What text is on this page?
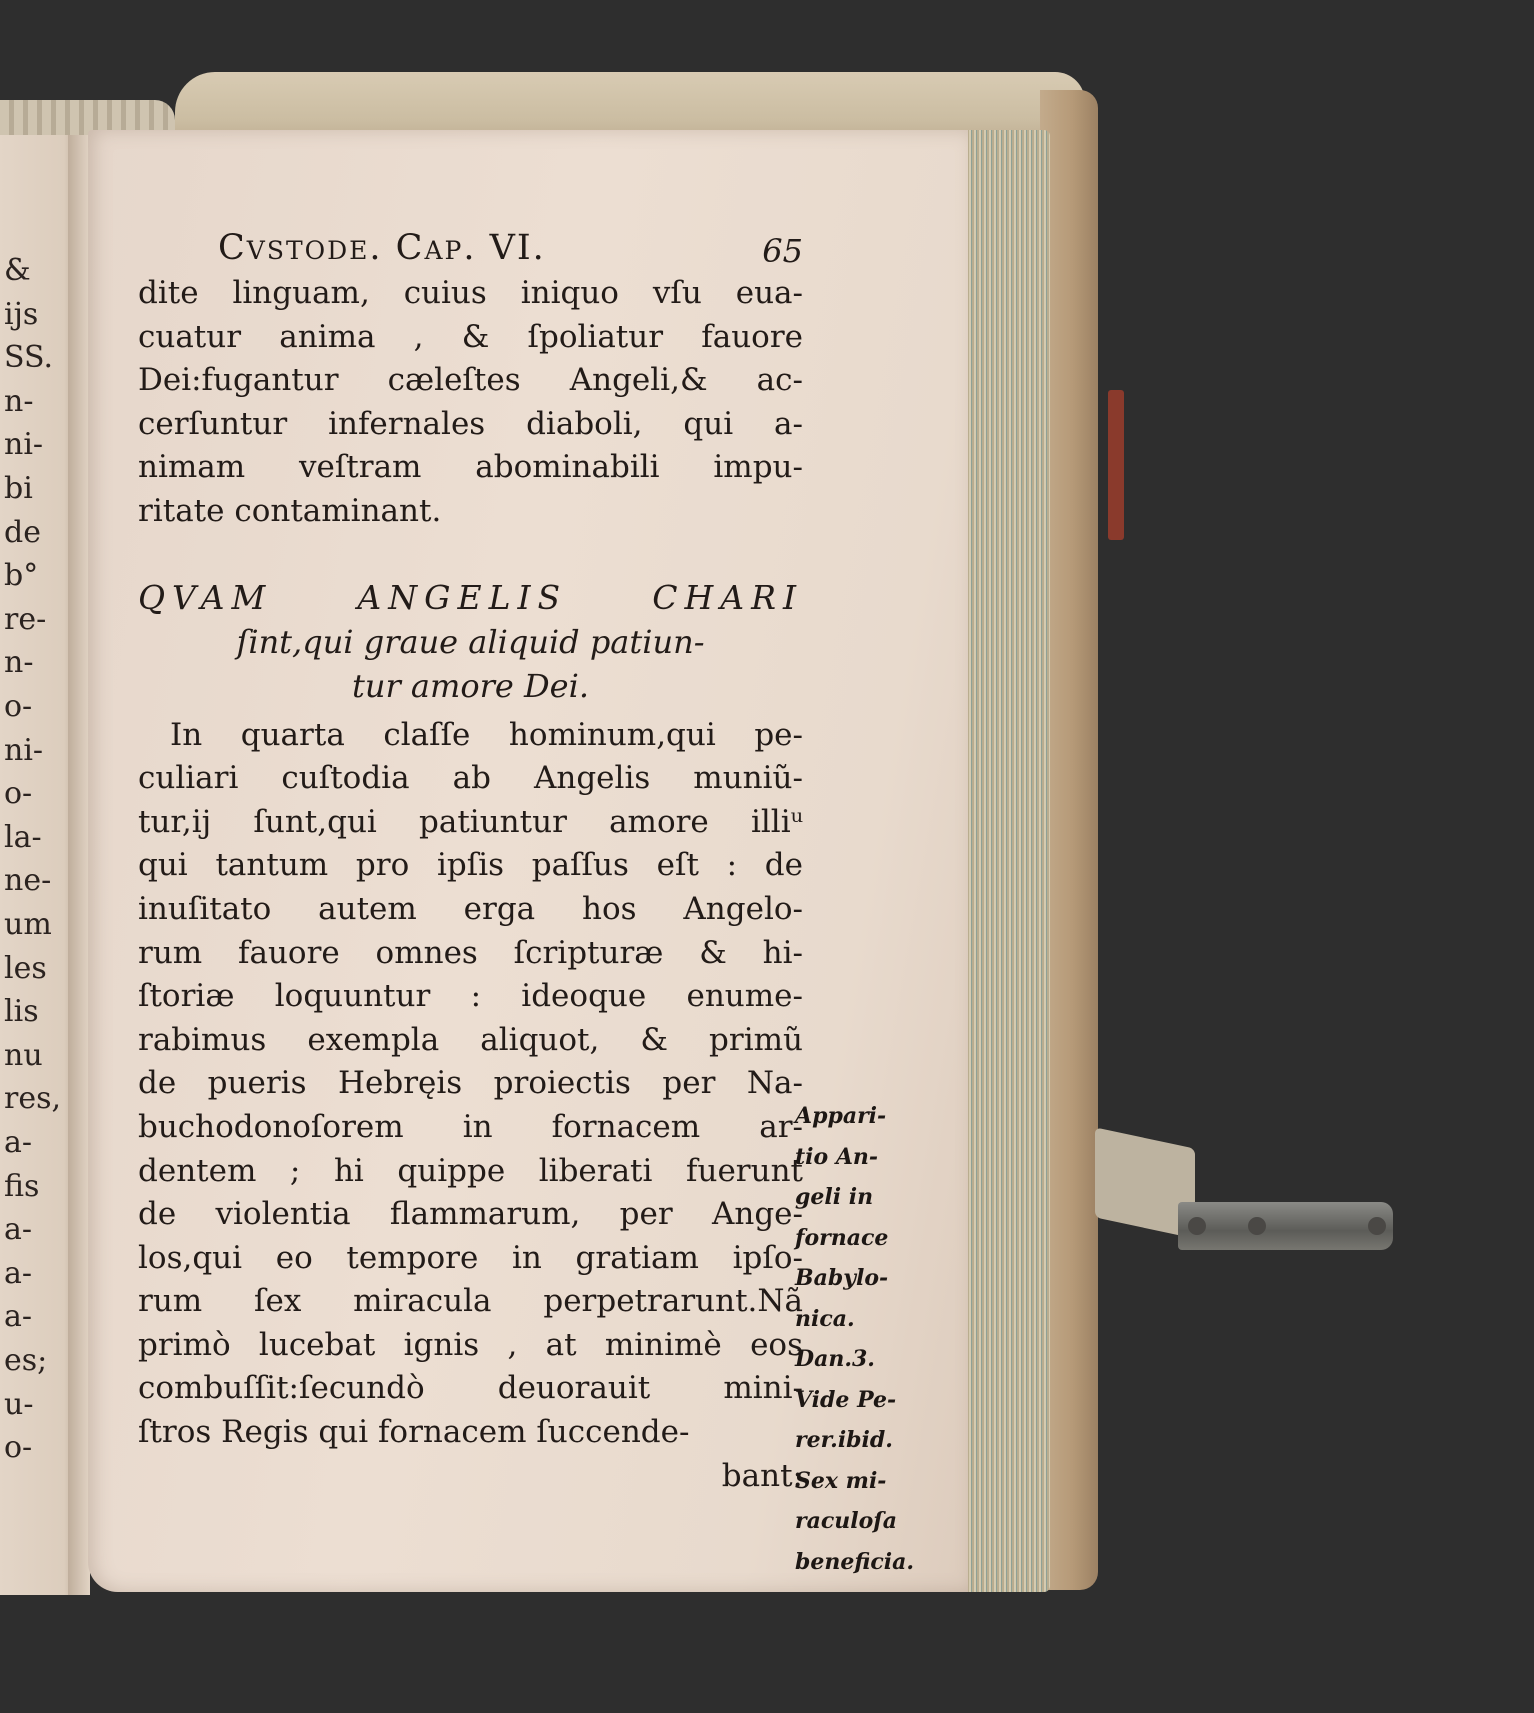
&
ijs
SS.
n-
ni-
bi
de
b°
re-
n-
o-
ni-
o-
la-
ne-
um
les
lis
nu
res,
a-
fis
a-
a-
a-
es;
u-
o-
Cvstode. Cap. VI.	65
dite linguam, cuius iniquo vſu eua-
cuatur anima , & ſpoliatur fauore
Dei:fugantur cæleſtes Angeli,& ac-
cerſuntur infernales diaboli, qui a-
nimam veſtram abominabili impu-
ritate contaminant.
QVAM ANGELIS CHARI
ſint,qui graue aliquid patiun-
tur amore Dei.
In quarta claſſe hominum,qui pe-
culiari cuſtodia ab Angelis muniũ-
tur,ij ſunt,qui patiuntur amore illiᵘ
qui tantum pro ipſis paſſus eſt : de
inuſitato autem erga hos Angelo-
rum fauore omnes ſcripturæ & hi-
ſtoriæ loquuntur : ideoque enume-
rabimus exempla aliquot, & primũ
de pueris Hebręis proiectis per Na-
buchodonoſorem in fornacem ar-
dentem ; hi quippe liberati fuerunt
de violentia flammarum, per Ange-
los,qui eo tempore in gratiam ipſo-
rum ſex miracula perpetrarunt.Nã
primò lucebat ignis , at minimè eos
combuſſit:ſecundò deuorauit mini-
ſtros Regis qui fornacem ſuccende-
bant:
Appari-
tio An-
geli in
fornace
Babylo-
nica.
Dan.3.
Vide Pe-
rer.ibid.
Sex mi-
raculoſa
beneficia.
